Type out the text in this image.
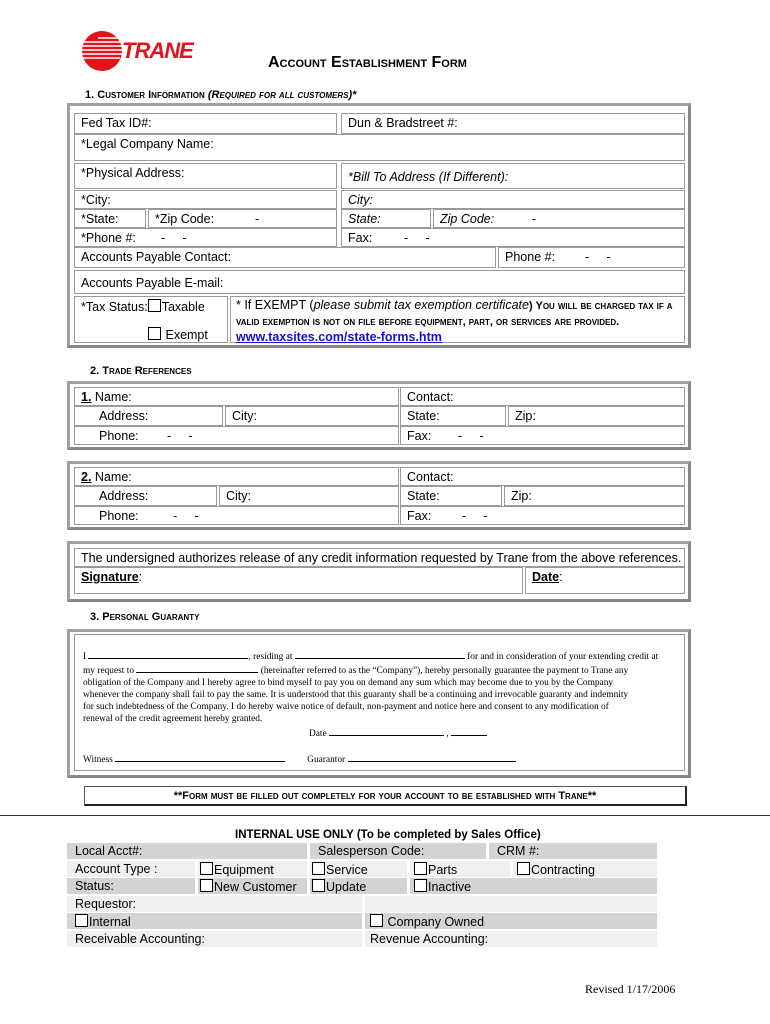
TRANE	Account Establishment Form
1. Customer Information (Required for all customers)*
Fed Tax ID#:	Dun & Bradstreet #:
*Legal Company Name:
*Physical Address:	*Bill To Address (If Different):
*City:	City:
*State:	*Zip Code:	-	State:	Zip Code:	-
*Phone #: -     -	Fax:	-     -
Accounts Payable Contact:	Phone #: -     -
Accounts Payable E-mail:
*Tax Status: Taxable
Exempt
* If EXEMPT (please submit tax exemption certificate) You will be charged tax if a valid exemption is not on file before equipment, part, or services are provided. www.taxsites.com/state-forms.htm
2. Trade References
1. Name:	Contact:
Address:	City:	State:	Zip:
Phone: -     -	Fax: -     -
2. Name:	Contact:
Address:	City:	State:	Zip:
Phone:	-     -	Fax: -     -
The undersigned authorizes release of any credit information requested by Trane from the above references.
Signature:	Date:
3. Personal Guaranty
I	, residing at	for and in consideration of your extending credit at
my request to	(hereinafter referred to as the “Company”), hereby personally guarantee the payment to Trane any
obligation of the Company and I hereby agree to bind myself to pay you on demand any sum which may become due to you by the Company
whenever the company shall fail to pay the same. It is understood that this guaranty shall be a continuing and irrevocable guaranty and indemnity
for such indebtedness of the Company. I do hereby waive notice of default, non-payment and notice here and consent to any modification of
renewal of the credit agreement hereby granted.
Date	,
Witness	Guarantor
**Form must be filled out completely for your account to be established with Trane**
INTERNAL USE ONLY (To be completed by Sales Office)
Local Acct#:	Salesperson Code:	CRM #:
Account Type :	Equipment	Service	Parts	Contracting
Status:	New Customer	Update	Inactive
Requestor:
Internal	Company Owned
Receivable Accounting:	Revenue Accounting:
Revised 1/17/2006
